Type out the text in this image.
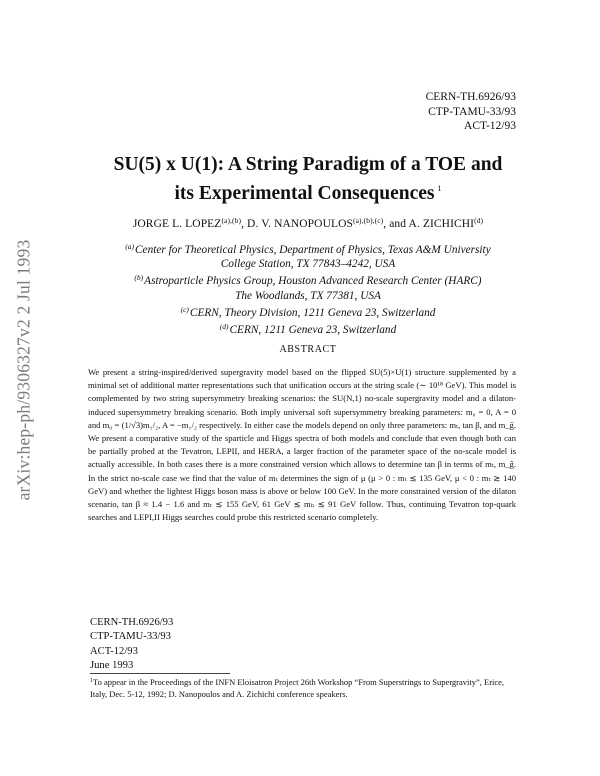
arXiv:hep-ph/9306327v2 2 Jul 1993
CERN-TH.6926/93
CTP-TAMU-33/93
ACT-12/93
SU(5) x U(1): A String Paradigm of a TOE and
its Experimental Consequences $^1$
JORGE L. $LOPEZ^{(a),(b)}$, D. V. $NANOPOULOS^{(a),(b),(c)}$, and A. ZICHICHI$^{(d)}$
$^{(a)}$Center for Theoretical Physics, Department of Physics, Texas A&M University
College Station, TX 77843–4242, USA
$^{(b)}$Astroparticle Physics Group, Houston Advanced Research Center (HARC)
The Woodlands, TX 77381, USA
$^{(c)}$CERN, Theory Division, 1211 Geneva 23, Switzerland
$^{(d)}$CERN, 1211 Geneva 23, Switzerland
ABSTRACT

We present a string-inspired/derived supergravity model based on the flipped SU(5)×U(1) structure supplemented by a minimal set of additional matter representations such that unification occurs at the string scale (∼ 10¹⁸ GeV). This model is complemented by two string supersymmetry breaking scenarios: the SU(N,1) no-scale supergravity model and a dilaton-induced supersymmetry breaking scenario. Both imply universal soft supersymmetry breaking parameters: m₀ = 0, A = 0 and m₀ = (1/√3)m₁/₂, A = −m₁/₂ respectively. In either case the models depend on only three parameters: mₜ, tan β, and m_g̃. We present a comparative study of the sparticle and Higgs spectra of both models and conclude that even though both can be partially probed at the Tevatron, LEPII, and HERA, a larger fraction of the parameter space of the no-scale model is actually accessible. In both cases there is a more constrained version which allows to determine tan β in terms of mₜ, m_g̃. In the strict no-scale case we find that the value of mₜ determines the sign of μ (μ > 0 : mₜ ≲ 135 GeV, μ < 0 : mₜ ≳ 140 GeV) and whether the lightest Higgs boson mass is above or below 100 GeV. In the more constrained version of the dilaton scenario, tan β ≈ 1.4 − 1.6 and mₜ ≲ 155 GeV, 61 GeV ≲ mₕ ≲ 91 GeV follow. Thus, continuing Tevatron top-quark searches and LEPI,II Higgs searches could probe this restricted scenario completely.

CERN-TH.6926/93
CTP-TAMU-33/93
ACT-12/93
June 1993
$^1$To appear in the Proceedings of the INFN Eloisatron Project 26th Workshop “From Superstrings to Supergravity”, Erice, Italy, Dec. 5-12, 1992; D. Nanopoulos and A. Zichichi conference speakers.
